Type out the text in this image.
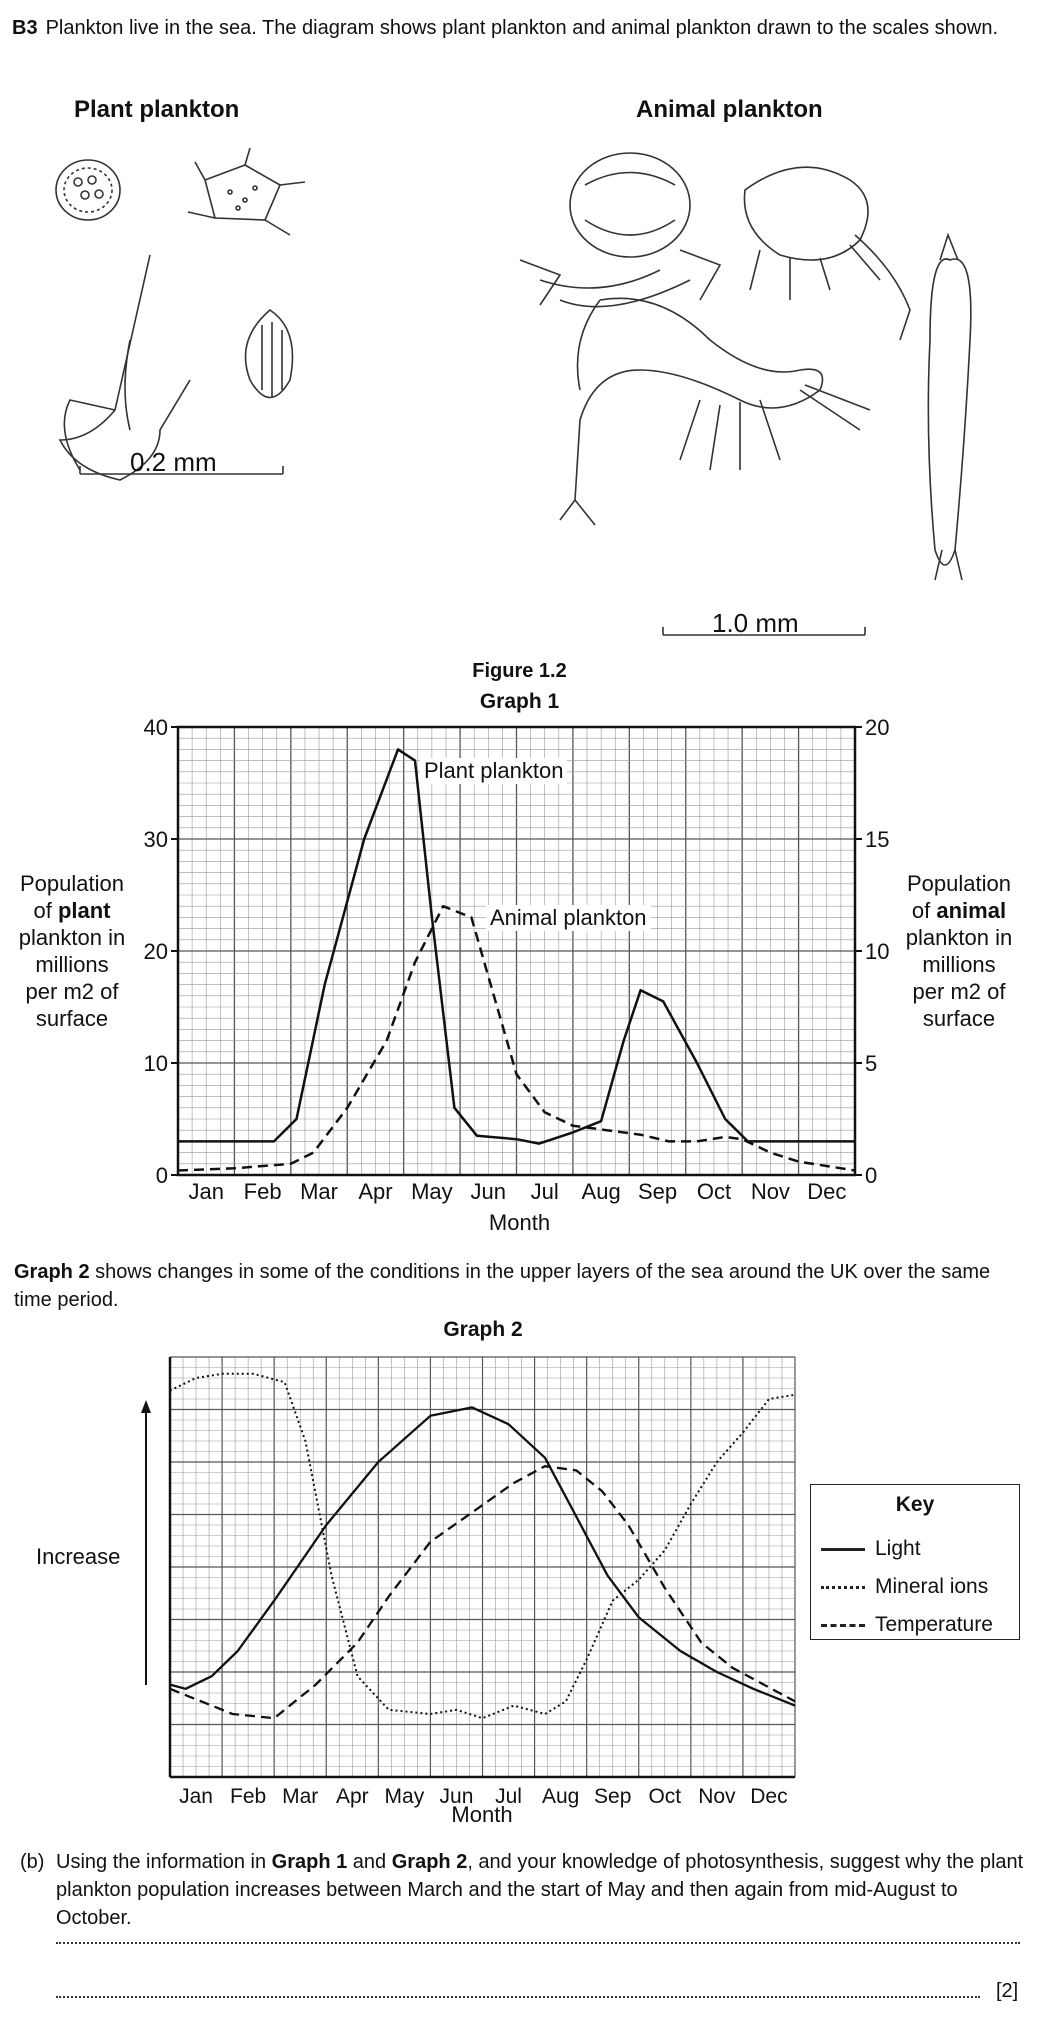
B3 Plankton live in the sea. The diagram shows plant plankton and animal plankton drawn to the scales shown.
Plant plankton	Animal plankton
0.2 mm
1.0 mm
Figure 1.2
Graph 1
Jan Feb Mar Apr May Jun Jul Aug Sep Oct Nov Dec
0
10
20
30
40
0
5
10
15
20
Plant plankton
Animal plankton
Population
of plant
plankton in
millions
per m2 of
surface
Population
of animal
plankton in
millions
per m2 of
surface
Month
Graph 2 shows changes in some of the conditions in the upper layers of the sea around the UK over the same time period.
Graph 2
Jan Feb Mar Apr May Jun Jul Aug Sep Oct Nov Dec
Increase
Month
Key
Light
Mineral ions
Temperature
(b) Using the information in Graph 1 and Graph 2, and your knowledge of photosynthesis, suggest why the plant plankton population increases between March and the start of May and then again from mid-August to October.
[2]
